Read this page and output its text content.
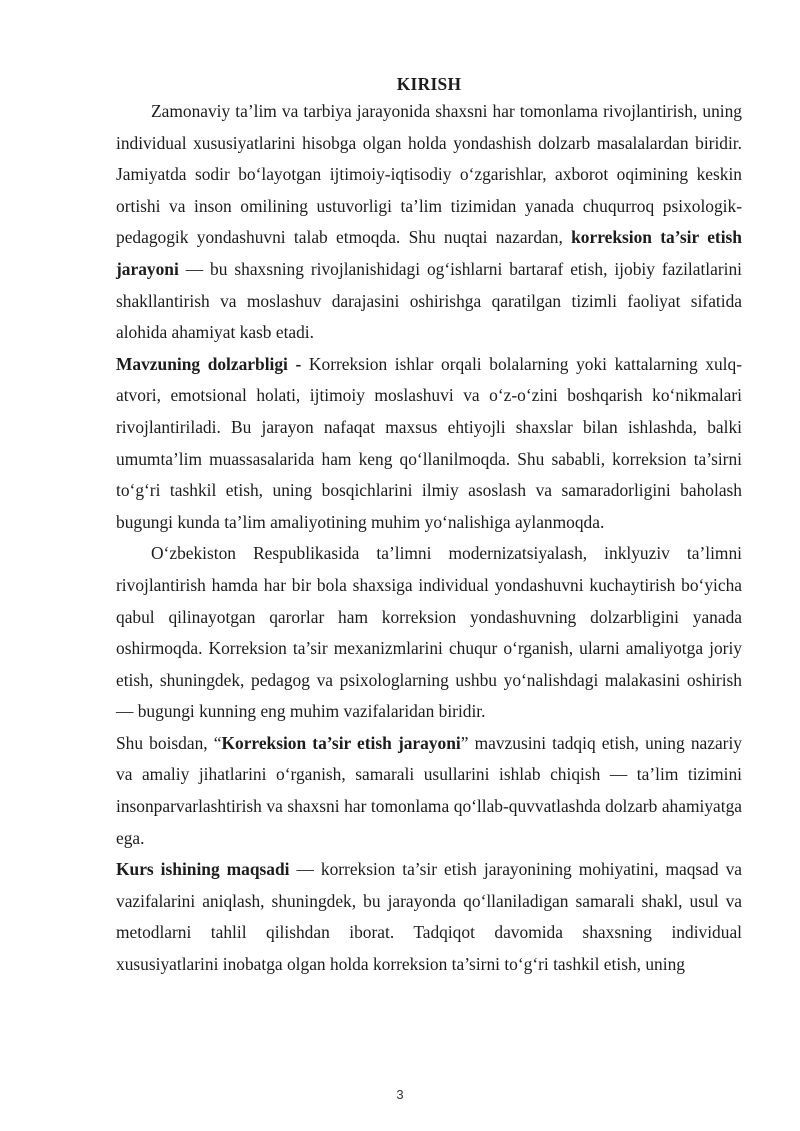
KIRISH

Zamonaviy ta’lim va tarbiya jarayonida shaxsni har tomonlama rivojlantirish, uning individual xususiyatlarini hisobga olgan holda yondashish dolzarb masalalardan biridir. Jamiyatda sodir bo‘layotgan ijtimoiy-iqtisodiy o‘zgarishlar, axborot oqimining keskin ortishi va inson omilining ustuvorligi ta’lim tizimidan yanada chuqurroq psixologik-pedagogik yondashuvni talab etmoqda. Shu nuqtai nazardan, korreksion ta’sir etish jarayoni — bu shaxsning rivojlanishidagi og‘ishlarni bartaraf etish, ijobiy fazilatlarini shakllantirish va moslashuv darajasini oshirishga qaratilgan tizimli faoliyat sifatida alohida ahamiyat kasb etadi.

Mavzuning dolzarbligi - Korreksion ishlar orqali bolalarning yoki kattalarning xulq-atvori, emotsional holati, ijtimoiy moslashuvi va o‘z-o‘zini boshqarish ko‘nikmalari rivojlantiriladi. Bu jarayon nafaqat maxsus ehtiyojli shaxslar bilan ishlashda, balki umumta’lim muassasalarida ham keng qo‘llanilmoqda. Shu sababli, korreksion ta’sirni to‘g‘ri tashkil etish, uning bosqichlarini ilmiy asoslash va samaradorligini baholash bugungi kunda ta’lim amaliyotining muhim yo‘nalishiga aylanmoqda.

O‘zbekiston Respublikasida ta’limni modernizatsiyalash, inklyuziv ta’limni rivojlantirish hamda har bir bola shaxsiga individual yondashuvni kuchaytirish bo‘yicha qabul qilinayotgan qarorlar ham korreksion yondashuvning dolzarbligini yanada oshirmoqda. Korreksion ta’sir mexanizmlarini chuqur o‘rganish, ularni amaliyotga joriy etish, shuningdek, pedagog va psixologlarning ushbu yo‘nalishdagi malakasini oshirish — bugungi kunning eng muhim vazifalaridan biridir.

Shu boisdan, “Korreksion ta’sir etish jarayoni” mavzusini tadqiq etish, uning nazariy va amaliy jihatlarini o‘rganish, samarali usullarini ishlab chiqish — ta’lim tizimini insonparvarlashtirish va shaxsni har tomonlama qo‘llab-quvvatlashda dolzarb ahamiyatga ega.

Kurs ishining maqsadi — korreksion ta’sir etish jarayonining mohiyatini, maqsad va vazifalarini aniqlash, shuningdek, bu jarayonda qo‘llaniladigan samarali shakl, usul va metodlarni tahlil qilishdan iborat. Tadqiqot davomida shaxsning individual xususiyatlarini inobatga olgan holda korreksion ta’sirni to‘g‘ri tashkil etish, uning

3
